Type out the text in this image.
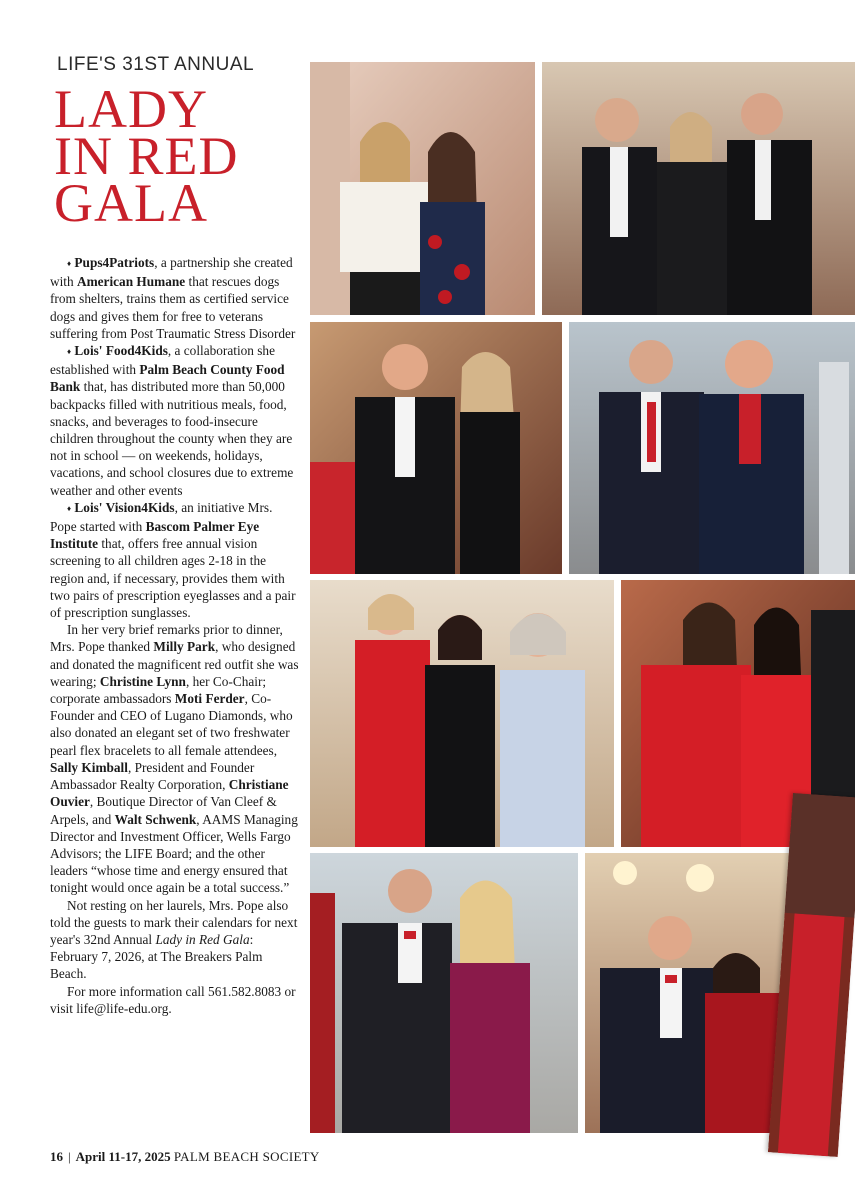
LIFE'S 31ST ANNUAL
LADY
IN RED
GALA

♦ Pups4Patriots, a partnership she created with American Humane that rescues dogs from shelters, trains them as certified service dogs and gives them for free to veterans suffering from Post Traumatic Stress Disorder

♦ Lois' Food4Kids, a collaboration she established with Palm Beach County Food Bank that, has distributed more than 50,000 backpacks filled with nutritious meals, food, snacks, and beverages to food-insecure children throughout the county when they are not in school — on weekends, holidays, vacations, and school closures due to extreme weather and other events

♦ Lois' Vision4Kids, an initiative Mrs. Pope started with Bascom Palmer Eye Institute that, offers free annual vision screening to all children ages 2-18 in the region and, if necessary, provides them with two pairs of prescription eyeglasses and a pair of prescription sunglasses.

In her very brief remarks prior to dinner, Mrs. Pope thanked Milly Park, who designed and donated the magnificent red outfit she was wearing; Christine Lynn, her Co-Chair; corporate ambassadors Moti Ferder, Co-Founder and CEO of Lugano Diamonds, who also donated an elegant set of two freshwater pearl flex bracelets to all female attendees, Sally Kimball, President and Founder Ambassador Realty Corporation, Christiane Ouvier, Boutique Director of Van Cleef & Arpels, and Walt Schwenk, AAMS Managing Director and Investment Officer, Wells Fargo Advisors; the LIFE Board; and the other leaders “whose time and energy ensured that tonight would once again be a total success.”

Not resting on her laurels, Mrs. Pope also told the guests to mark their calendars for next year's 32nd Annual Lady in Red Gala: February 7, 2026, at The Breakers Palm Beach.

For more information call 561.582.8083 or visit life@life-edu.org.

16 | April 11-17, 2025 PALM BEACH SOCIETY
